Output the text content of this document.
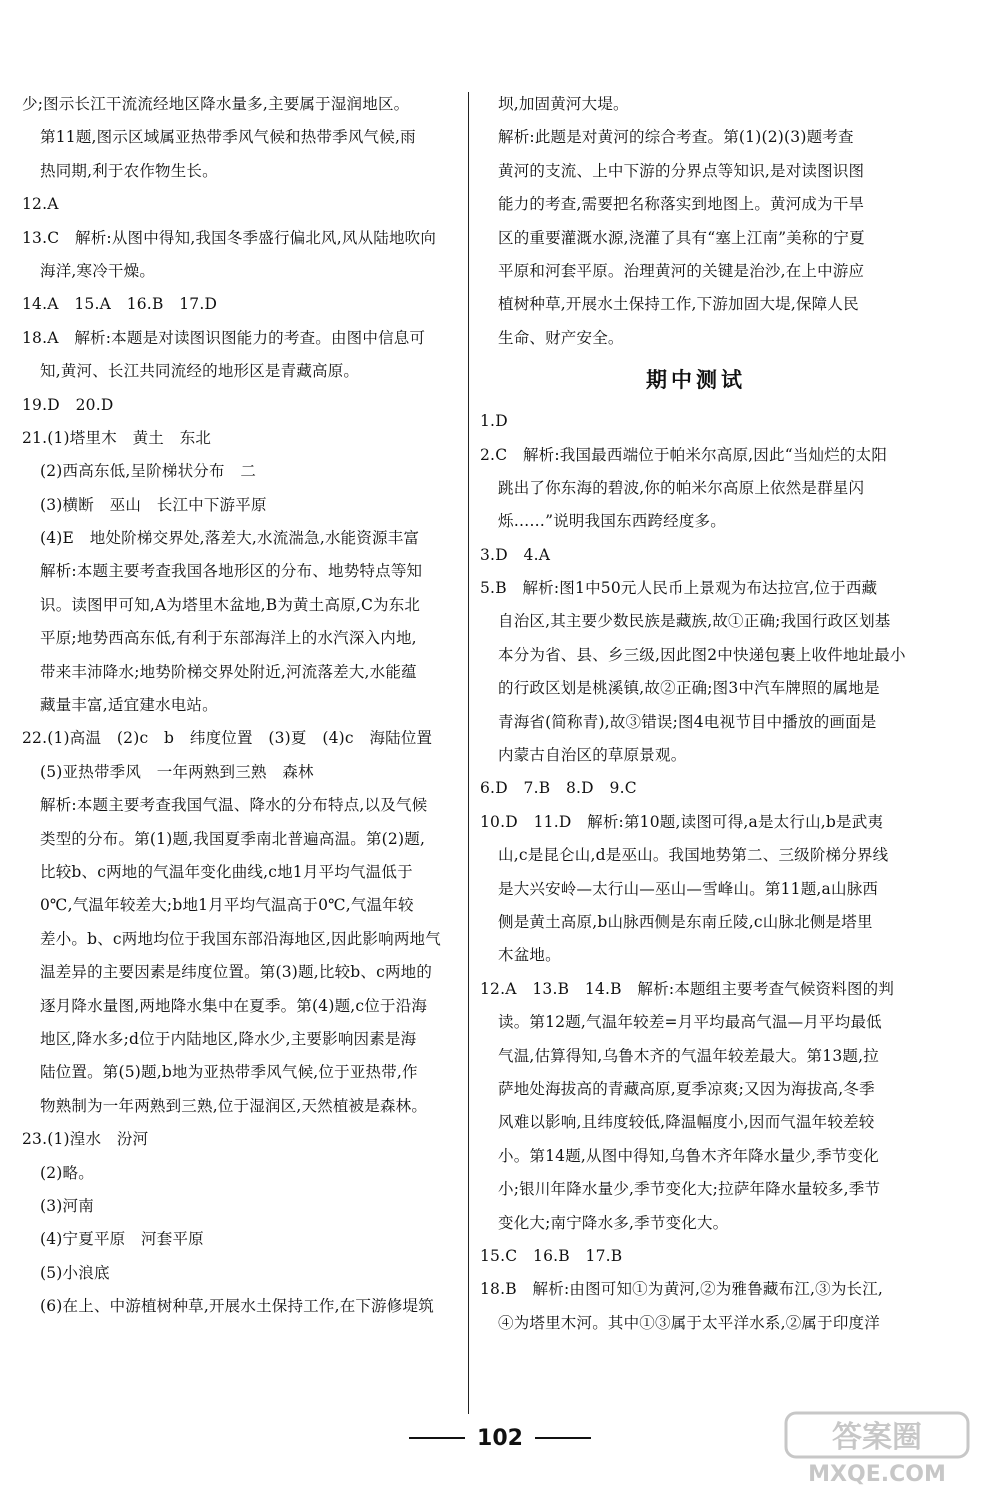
少;图示长江干流流经地区降水量多,主要属于湿润地区。
第11题,图示区域属亚热带季风气候和热带季风气候,雨
热同期,利于农作物生长。
12.A
13.C　解析:从图中得知,我国冬季盛行偏北风,风从陆地吹向
海洋,寒冷干燥。
14.A　15.A　16.B　17.D
18.A　解析:本题是对读图识图能力的考查。由图中信息可
知,黄河、长江共同流经的地形区是青藏高原。
19.D　20.D
21.(1)塔里木　黄土　东北
(2)西高东低,呈阶梯状分布　二
(3)横断　巫山　长江中下游平原
(4)E　地处阶梯交界处,落差大,水流湍急,水能资源丰富
解析:本题主要考查我国各地形区的分布、地势特点等知
识。读图甲可知,A为塔里木盆地,B为黄土高原,C为东北
平原;地势西高东低,有利于东部海洋上的水汽深入内地,
带来丰沛降水;地势阶梯交界处附近,河流落差大,水能蕴
藏量丰富,适宜建水电站。
22.(1)高温　(2)c　b　纬度位置　(3)夏　(4)c　海陆位置
(5)亚热带季风　一年两熟到三熟　森林
解析:本题主要考查我国气温、降水的分布特点,以及气候
类型的分布。第(1)题,我国夏季南北普遍高温。第(2)题,
比较b、c两地的气温年变化曲线,c地1月平均气温低于
0℃,气温年较差大;b地1月平均气温高于0℃,气温年较
差小。b、c两地均位于我国东部沿海地区,因此影响两地气
温差异的主要因素是纬度位置。第(3)题,比较b、c两地的
逐月降水量图,两地降水集中在夏季。第(4)题,c位于沿海
地区,降水多;d位于内陆地区,降水少,主要影响因素是海
陆位置。第(5)题,b地为亚热带季风气候,位于亚热带,作
物熟制为一年两熟到三熟,位于湿润区,天然植被是森林。
23.(1)湟水　汾河
(2)略。
(3)河南
(4)宁夏平原　河套平原
(5)小浪底
(6)在上、中游植树种草,开展水土保持工作,在下游修堤筑
坝,加固黄河大堤。
解析:此题是对黄河的综合考查。第(1)(2)(3)题考查
黄河的支流、上中下游的分界点等知识,是对读图识图
能力的考查,需要把名称落实到地图上。黄河成为干旱
区的重要灌溉水源,浇灌了具有“塞上江南”美称的宁夏
平原和河套平原。治理黄河的关键是治沙,在上中游应
植树种草,开展水土保持工作,下游加固大堤,保障人民
生命、财产安全。
期中测试
1.D
2.C　解析:我国最西端位于帕米尔高原,因此“当灿烂的太阳
跳出了你东海的碧波,你的帕米尔高原上依然是群星闪
烁……”说明我国东西跨经度多。
3.D　4.A
5.B　解析:图1中50元人民币上景观为布达拉宫,位于西藏
自治区,其主要少数民族是藏族,故①正确;我国行政区划基
本分为省、县、乡三级,因此图2中快递包裹上收件地址最小
的行政区划是桃溪镇,故②正确;图3中汽车牌照的属地是
青海省(简称青),故③错误;图4电视节目中播放的画面是
内蒙古自治区的草原景观。
6.D　7.B　8.D　9.C
10.D　11.D　解析:第10题,读图可得,a是太行山,b是武夷
山,c是昆仑山,d是巫山。我国地势第二、三级阶梯分界线
是大兴安岭—太行山—巫山—雪峰山。第11题,a山脉西
侧是黄土高原,b山脉西侧是东南丘陵,c山脉北侧是塔里
木盆地。
12.A　13.B　14.B　解析:本题组主要考查气候资料图的判
读。第12题,气温年较差=月平均最高气温—月平均最低
气温,估算得知,乌鲁木齐的气温年较差最大。第13题,拉
萨地处海拔高的青藏高原,夏季凉爽;又因为海拔高,冬季
风难以影响,且纬度较低,降温幅度小,因而气温年较差较
小。第14题,从图中得知,乌鲁木齐年降水量少,季节变化
小;银川年降水量少,季节变化大;拉萨年降水量较多,季节
变化大;南宁降水多,季节变化大。
15.C　16.B　17.B
18.B　解析:由图可知①为黄河,②为雅鲁藏布江,③为长江,
④为塔里木河。其中①③属于太平洋水系,②属于印度洋
102	答案圈
MXQE.COM
